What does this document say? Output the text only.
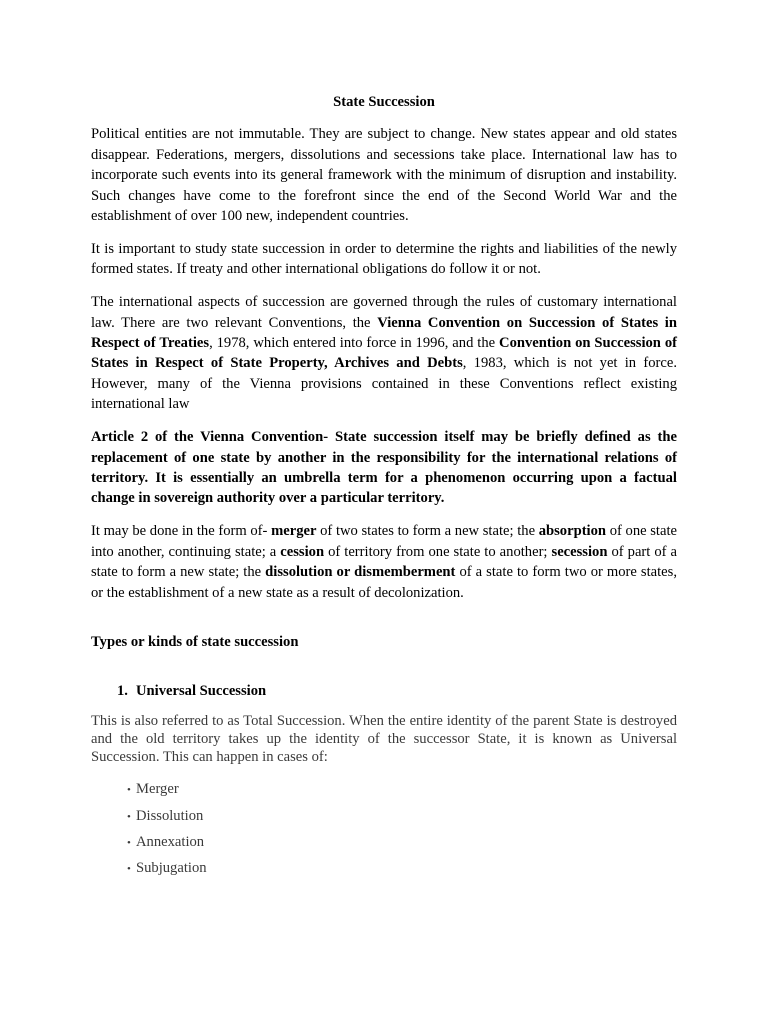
State Succession

Political entities are not immutable. They are subject to change. New states appear and old states disappear. Federations, mergers, dissolutions and secessions take place. International law has to incorporate such events into its general framework with the minimum of disruption and instability. Such changes have come to the forefront since the end of the Second World War and the establishment of over 100 new, independent countries.

It is important to study state succession in order to determine the rights and liabilities of the newly formed states. If treaty and other international obligations do follow it or not.

The international aspects of succession are governed through the rules of customary international law. There are two relevant Conventions, the Vienna Convention on Succession of States in Respect of Treaties, 1978, which entered into force in 1996, and the Convention on Succession of States in Respect of State Property, Archives and Debts, 1983, which is not yet in force. However, many of the Vienna provisions contained in these Conventions reflect existing international law

Article 2 of the Vienna Convention- State succession itself may be briefly defined as the replacement of one state by another in the responsibility for the international relations of territory. It is essentially an umbrella term for a phenomenon occurring upon a factual change in sovereign authority over a particular territory.

It may be done in the form of- merger of two states to form a new state; the absorption of one state into another, continuing state; a cession of territory from one state to another; secession of part of a state to form a new state; the dissolution or dismemberment of a state to form two or more states, or the establishment of a new state as a result of decolonization.

Types or kinds of state succession
1. Universal Succession

This is also referred to as Total Succession. When the entire identity of the parent State is destroyed and the old territory takes up the identity of the successor State, it is known as Universal Succession. This can happen in cases of:

• Merger
• Dissolution
• Annexation
• Subjugation
